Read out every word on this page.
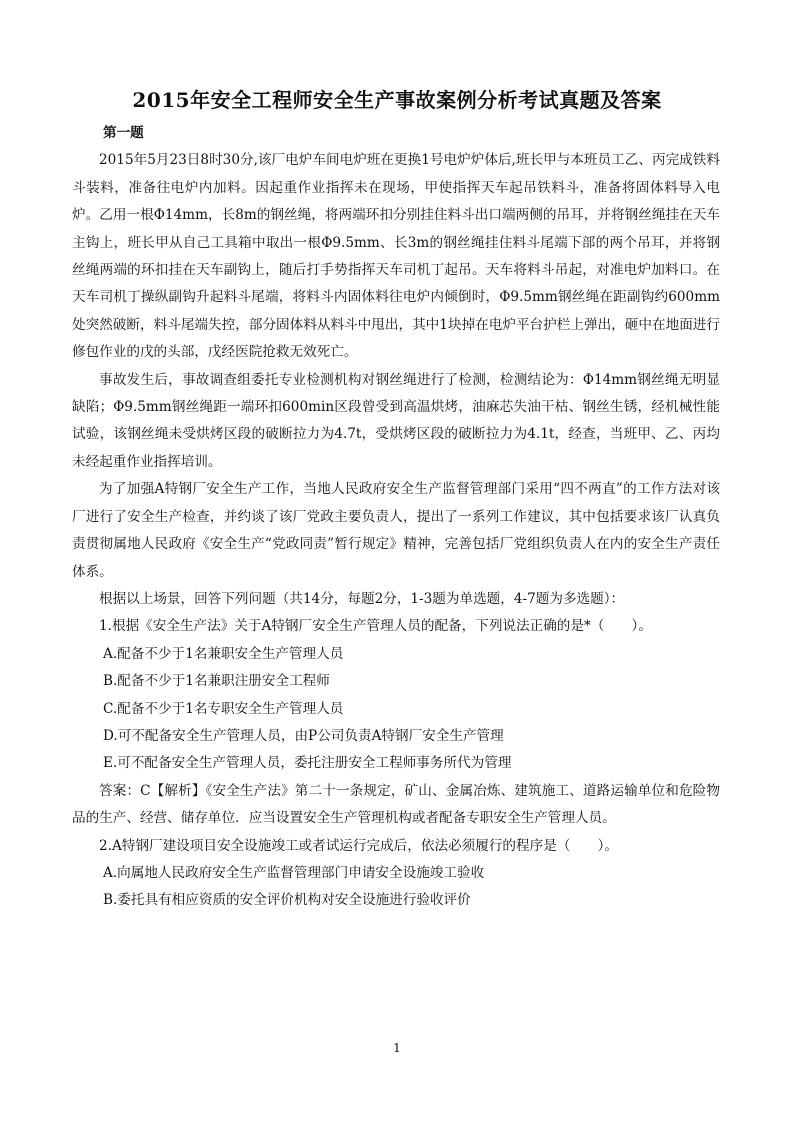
2015年安全工程师安全生产事故案例分析考试真题及答案

第一题

2015年5月23日8时30分,该厂电炉车间电炉班在更换1号电炉炉体后,班长甲与本班员工乙、丙完成铁料斗装料，准备往电炉内加料。因起重作业指挥未在现场，甲使指挥天车起吊铁料斗，准备将固体料导入电炉。乙用一根Φ14mm，长8m的钢丝绳，将两端环扣分别挂住料斗出口端两侧的吊耳，并将钢丝绳挂在天车主钩上，班长甲从自己工具箱中取出一根Φ9.5mm、长3m的钢丝绳挂住料斗尾端下部的两个吊耳，并将钢丝绳两端的环扣挂在天车副钩上，随后打手势指挥天车司机丁起吊。天车将料斗吊起，对准电炉加料口。在天车司机丁操纵副钩升起料斗尾端，将料斗内固体料往电炉内倾倒时，Φ9.5mm钢丝绳在距副钩约600mm处突然破断，料斗尾端失控，部分固体料从料斗中甩出，其中1块掉在电炉平台护栏上弹出，砸中在地面进行修包作业的戊的头部，戊经医院抢救无效死亡。

事故发生后，事故调查组委托专业检测机构对钢丝绳进行了检测，检测结论为：Φ14mm钢丝绳无明显缺陷；Φ9.5mm钢丝绳距一端环扣600min区段曾受到高温烘烤，油麻芯失油干枯、钢丝生锈，经机械性能试验，该钢丝绳未受烘烤区段的破断拉力为4.7t，受烘烤区段的破断拉力为4.1t，经查，当班甲、乙、丙均未经起重作业指挥培训。

为了加强A特钢厂安全生产工作，当地人民政府安全生产监督管理部门采用“四不两直”的工作方法对该厂进行了安全生产检查，并约谈了该厂党政主要负责人，提出了一系列工作建议，其中包括要求该厂认真负责贯彻属地人民政府《安全生产“党政同责”暂行规定》精神，完善包括厂党组织负责人在内的安全生产责任体系。

根据以上场景，回答下列问题（共14分，每题2分，1-3题为单选题，4-7题为多选题）：

1.根据《安全生产法》关于A特钢厂安全生产管理人员的配备，下列说法正确的是*（　　）。

A.配备不少于1名兼职安全生产管理人员

B.配备不少于1名兼职注册安全工程师

C.配备不少于1名专职安全生产管理人员

D.可不配备安全生产管理人员，由P公司负责A特钢厂安全生产管理

E.可不配备安全生产管理人员，委托注册安全工程师事务所代为管理

答案：C【解析】《安全生产法》第二十一条规定，矿山、金属冶炼、建筑施工、道路运输单位和危险物品的生产、经营、储存单位．应当设置安全生产管理机构或者配备专职安全生产管理人员。

2.A特钢厂建设项目安全设施竣工或者试运行完成后，依法必须履行的程序是（　　）。

A.向属地人民政府安全生产监督管理部门申请安全设施竣工验收

B.委托具有相应资质的安全评价机构对安全设施进行验收评价

1
